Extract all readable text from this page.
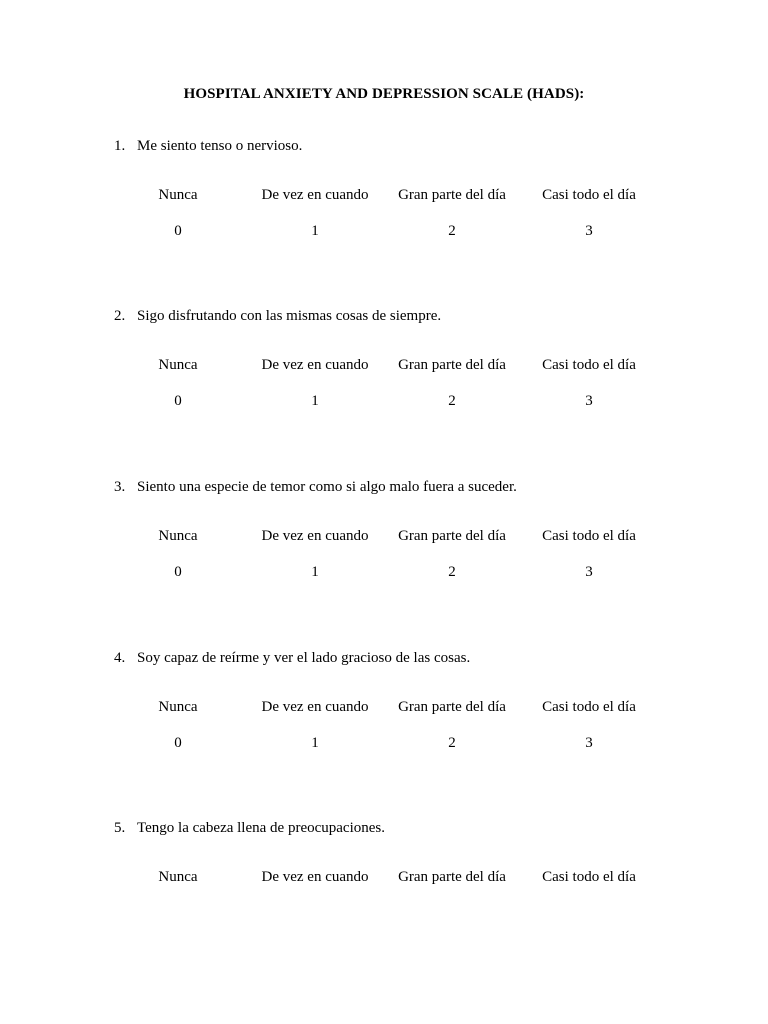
HOSPITAL ANXIETY AND DEPRESSION SCALE (HADS):
1. Me siento tenso o nervioso.
Nunca	De vez en cuando	Gran parte del día	Casi todo el día
0	1	2	3
2. Sigo disfrutando con las mismas cosas de siempre.
Nunca	De vez en cuando	Gran parte del día	Casi todo el día
0	1	2	3
3. Siento una especie de temor como si algo malo fuera a suceder.
Nunca	De vez en cuando	Gran parte del día	Casi todo el día
0	1	2	3
4. Soy capaz de reírme y ver el lado gracioso de las cosas.
Nunca	De vez en cuando	Gran parte del día	Casi todo el día
0	1	2	3
5. Tengo la cabeza llena de preocupaciones.
Nunca	De vez en cuando	Gran parte del día	Casi todo el día
